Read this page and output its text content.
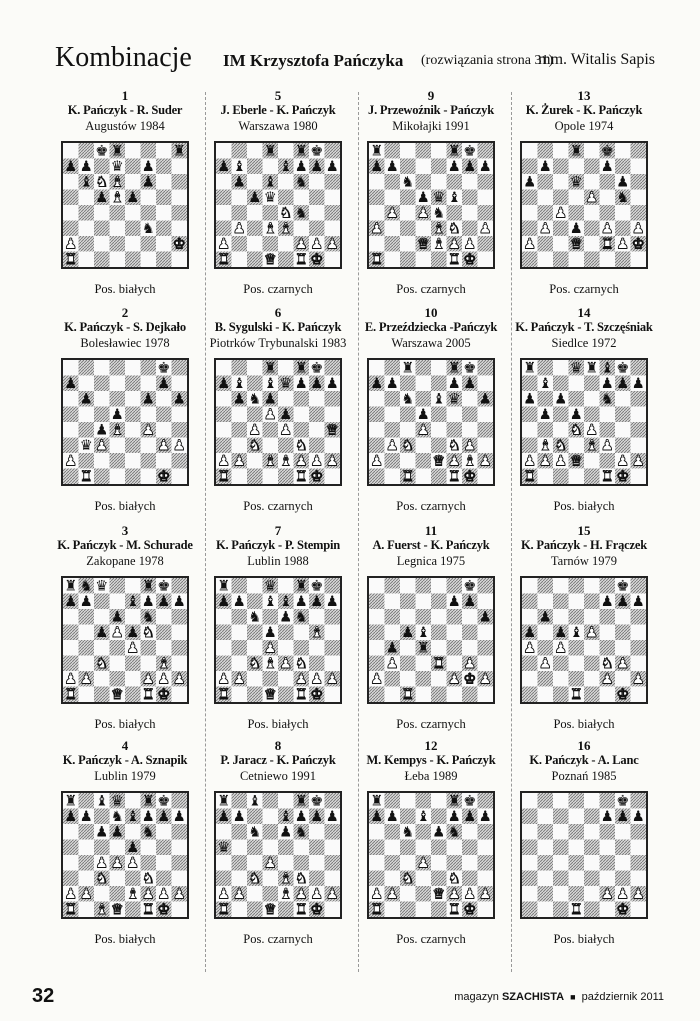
Kombinacje IM Krzysztofa Pańczyka (rozwiązania strona 31)
mm. Witalis Sapis
1
K. Pańczyk - R. Suder
Augustów 1984
♚ ♜	♜
♟ ♟ ♛ ♟
♝ ♞ ♝ ♟
♟ ♝ ♟
♞
♟	♚
♜
Pos. białych
5
J. Eberle - K. Pańczyk
Warszawa 1980
♜ ♜ ♚
♟ ♝ ♝ ♟ ♟ ♟
♟ ♝ ♞
♟ ♛
♞ ♞
♟ ♝ ♝
♟	♟ ♟ ♟
♜ ♛ ♜ ♚
Pos. czarnych
9
J. Przewoźnik - Pańczyk
Mikołajki 1991
♜	♜ ♚
♟ ♟	♟ ♟ ♟
♞
♟ ♛ ♝
♟ ♟ ♞
♟	♝ ♞ ♟
♛ ♝ ♟ ♟
♜	♜ ♚
Pos. czarnych
13
K. Żurek - K. Pańczyk
Opole 1974
♜ ♚
♟	♟
♟ ♛ ♟
♟ ♞
♟
♟ ♟ ♟ ♟
♟ ♛ ♜ ♟ ♚
Pos. czarnych
2
K. Pańczyk - S. Dejkało
Bolesławiec 1978
♚
♟	♟
♟	♟ ♟
♟
♟ ♝ ♟
♛ ♟	♟ ♟
♟
♜	♚
Pos. białych
6
B. Sygulski - K. Pańczyk
Piotrków Trybunalski 1983
♜ ♜ ♚
♟ ♝ ♝ ♛ ♟ ♟ ♟
♟ ♞ ♟
♟ ♟
♟ ♟ ♛
♞ ♞
♟ ♟ ♝ ♝ ♟ ♟ ♟
♜	♜ ♚
Pos. czarnych
10
E. Przeździecka -Pańczyk
Warszawa 2005
♜ ♜ ♚
♟ ♟	♟ ♟
♞ ♝ ♛ ♟
♟
♟
♟ ♞ ♞ ♟
♟	♛ ♟ ♝ ♟
♜ ♜ ♚
Pos. czarnych
14
K. Pańczyk - T. Szczęśniak
Siedlce 1972
♜ ♛ ♜ ♝ ♚
♝	♟ ♟ ♟
♟ ♟ ♞
♟ ♟
♞ ♟
♝ ♞ ♝ ♟
♟ ♟ ♟ ♛ ♟ ♟
♜	♜ ♚
Pos. białych
3
K. Pańczyk - M. Schurade
Zakopane 1978
♜ ♞ ♛ ♜ ♚
♟ ♟ ♝ ♟ ♟ ♟
♟ ♞
♟ ♟ ♟ ♞
♟
♞	♝
♟ ♟	♟ ♟ ♟
♜ ♛ ♜ ♚
Pos. białych
7
K. Pańczyk - P. Stempin
Lublin 1988
♜ ♛ ♜ ♚
♟ ♟ ♝ ♝ ♟ ♟ ♟
♞ ♟ ♞
♟ ♝
♟
♞ ♝ ♟ ♞
♟ ♟	♟ ♟ ♟
♜ ♛ ♜ ♚
Pos. białych
11
A. Fuerst - K. Pańczyk
Legnica 1975
♚
♟ ♟
♟
♟ ♝
♟ ♜
♟ ♜ ♟
♟	♟ ♚ ♟
♜
Pos. czarnych
15
K. Pańczyk - H. Frączek
Tarnów 1979
♚
♟ ♟ ♟
♟
♟ ♟ ♝ ♟
♟ ♟
♟	♞ ♟
♟ ♟
♜ ♚
Pos. białych
4
K. Pańczyk - A. Sznapik
Lublin 1979
♜ ♝ ♛ ♜ ♚
♟ ♟ ♞ ♝ ♟ ♟ ♟
♟ ♟ ♞
♟
♟ ♟ ♟
♞ ♞
♟ ♟ ♝ ♟ ♟ ♟
♜ ♝ ♛ ♜ ♚
Pos. białych
8
P. Jaracz - K. Pańczyk
Cetniewo 1991
♜ ♝ ♜ ♚
♟ ♟ ♝ ♟ ♟ ♟
♞ ♟ ♞
♛
♟
♞ ♝ ♞
♟ ♟ ♝ ♟ ♟ ♟
♜ ♛ ♜ ♚
Pos. czarnych
12
M. Kempys - K. Pańczyk
Łeba 1989
♜	♜ ♚
♟ ♟ ♝ ♟ ♟ ♟
♞ ♟ ♞
♟
♞ ♞
♟ ♟ ♛ ♟ ♟ ♟
♜	♜ ♚
Pos. czarnych
16
K. Pańczyk - A. Lanc
Poznań 1985
♚
♟ ♟ ♟
♟ ♟ ♟
♜ ♚
Pos. białych
32	magazyn SZACHISTA ■ październik 2011
